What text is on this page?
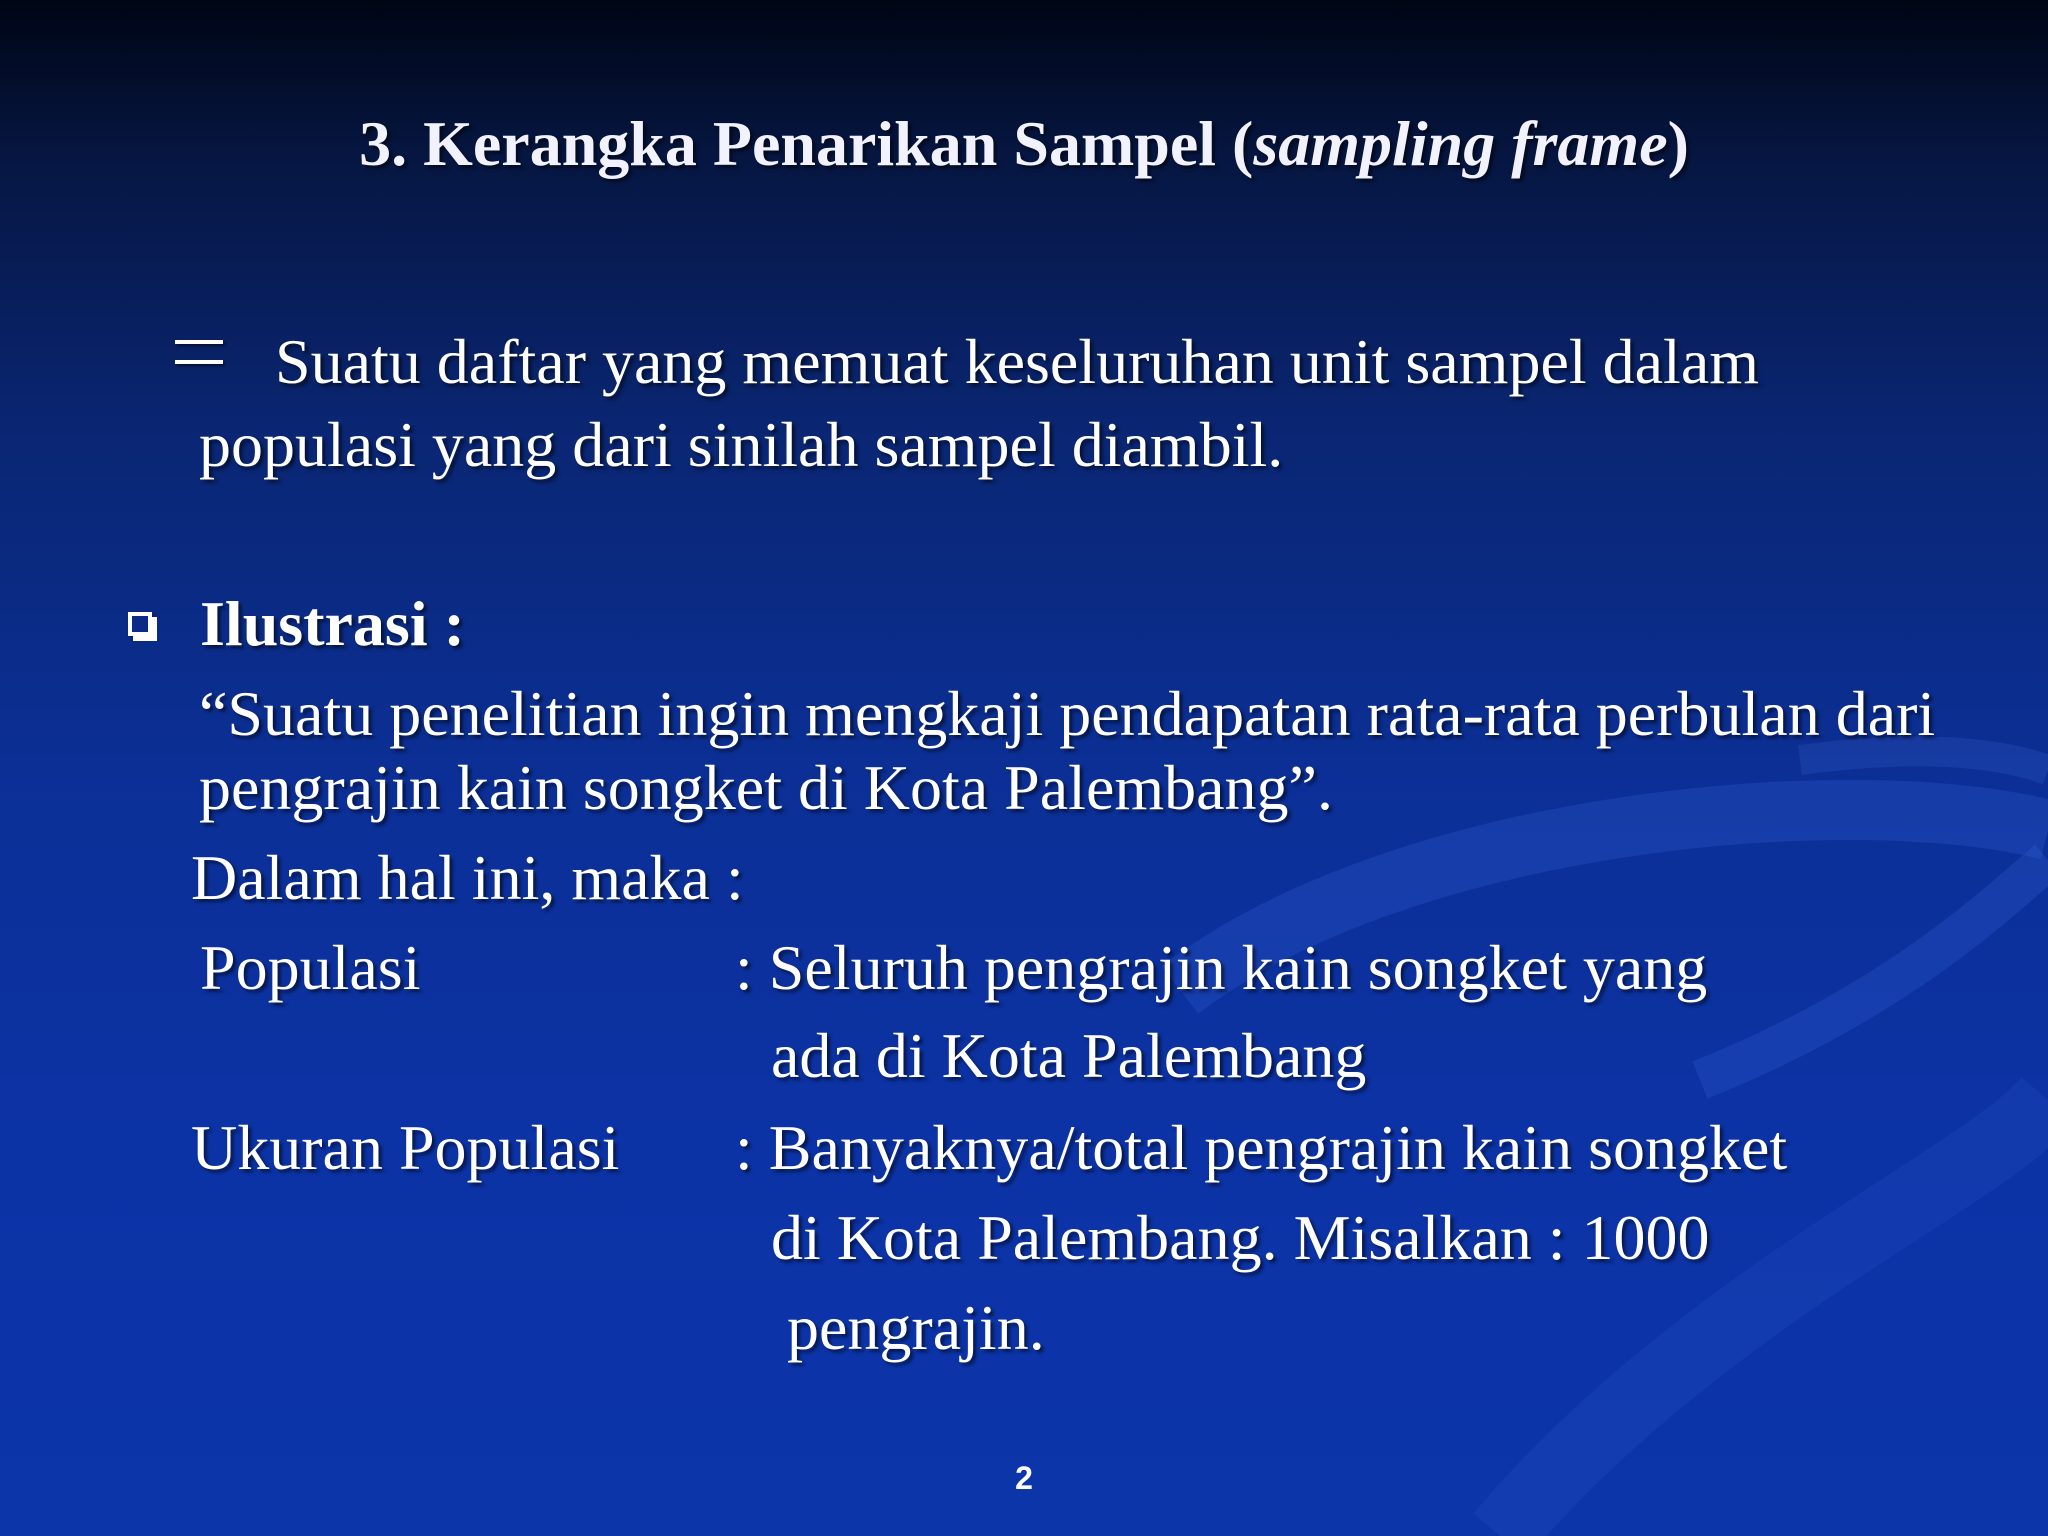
3. Kerangka Penarikan Sampel (sampling frame)
Suatu daftar yang memuat keseluruhan unit sampel dalam
populasi yang dari sinilah sampel diambil.
Ilustrasi :
“Suatu penelitian ingin mengkaji pendapatan rata-rata perbulan dari
pengrajin kain songket di Kota Palembang”.
Dalam hal ini, maka :
Populasi	: Seluruh pengrajin kain songket yang
ada di Kota Palembang
Ukuran Populasi : Banyaknya/total pengrajin kain songket
di Kota Palembang. Misalkan : 1000
pengrajin.
2
